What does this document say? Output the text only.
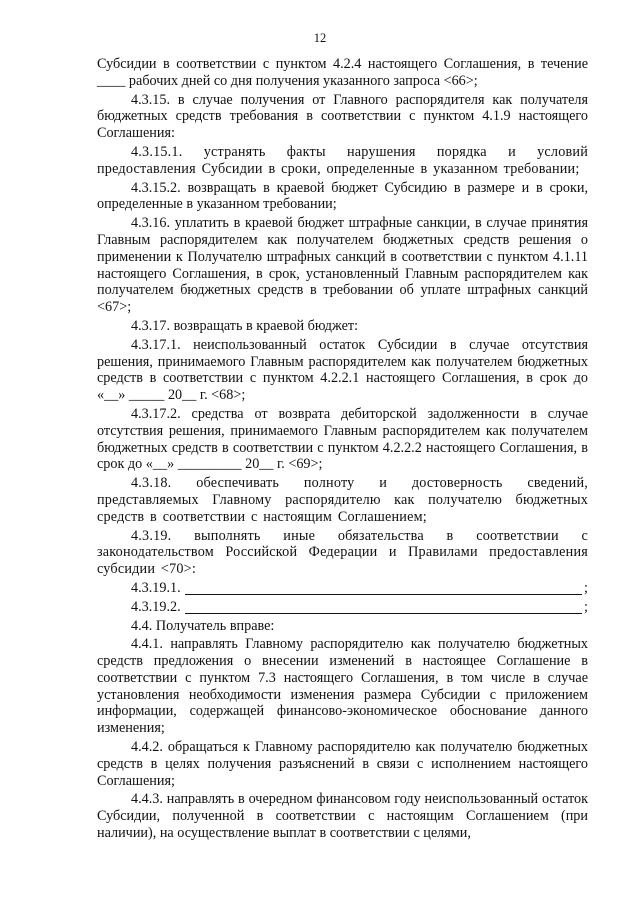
12

Субсидии в соответствии с пунктом 4.2.4 настоящего Соглашения, в течение ____ рабочих дней со дня получения указанного запроса <66>;

4.3.15. в случае получения от Главного распорядителя как получателя бюджетных средств требования в соответствии с пунктом 4.1.9 настоящего Соглашения:

4.3.15.1. устранять факты нарушения порядка и условий предоставления Субсидии в сроки, определенные в указанном требовании;

4.3.15.2. возвращать в краевой бюджет Субсидию в размере и в сроки, определенные в указанном требовании;

4.3.16. уплатить в краевой бюджет штрафные санкции, в случае принятия Главным распорядителем как получателем бюджетных средств решения о применении к Получателю штрафных санкций в соответствии с пунктом 4.1.11 настоящего Соглашения, в срок, установленный Главным распорядителем как получателем бюджетных средств в требовании об уплате штрафных санкций <67>;

4.3.17. возвращать в краевой бюджет:

4.3.17.1. неиспользованный остаток Субсидии в случае отсутствия решения, принимаемого Главным распорядителем как получателем бюджетных средств в соответствии с пунктом 4.2.2.1 настоящего Соглашения, в срок до «__» _____ 20__ г. <68>;

4.3.17.2. средства от возврата дебиторской задолженности в случае отсутствия решения, принимаемого Главным распорядителем как получателем бюджетных средств в соответствии с пунктом 4.2.2.2 настоящего Соглашения, в срок до «__» _________ 20__ г. <69>;

4.3.18. обеспечивать полноту и достоверность сведений, представляемых Главному распорядителю как получателю бюджетных средств в соответствии с настоящим Соглашением;

4.3.19. выполнять иные обязательства в соответствии с законодательством Российской Федерации и Правилами предоставления субсидии <70>:

4.3.19.1.	;
4.3.19.2.	;

4.4. Получатель вправе:

4.4.1. направлять Главному распорядителю как получателю бюджетных средств предложения о внесении изменений в настоящее Соглашение в соответствии с пунктом 7.3 настоящего Соглашения, в том числе в случае установления необходимости изменения размера Субсидии с приложением информации, содержащей финансово-экономическое обоснование данного изменения;

4.4.2. обращаться к Главному распорядителю как получателю бюджетных средств в целях получения разъяснений в связи с исполнением настоящего Соглашения;

4.4.3. направлять в очередном финансовом году неиспользованный остаток Субсидии, полученной в соответствии с настоящим Соглашением (при наличии), на осуществление выплат в соответствии с целями,
